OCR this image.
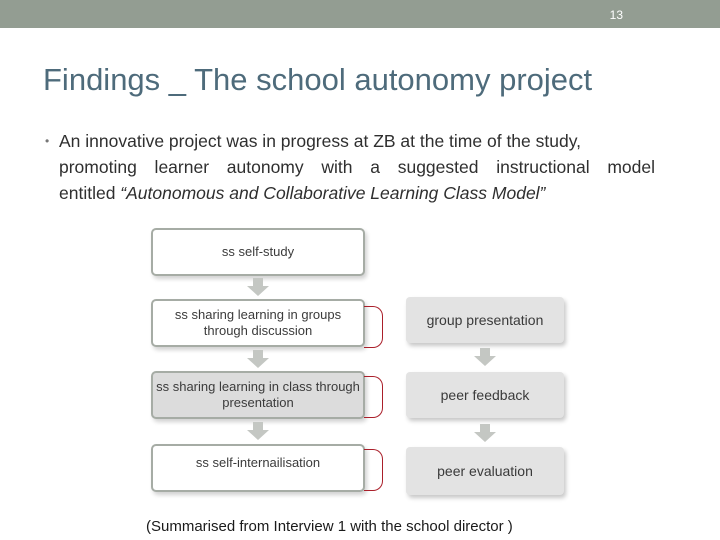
13
Findings _ The school autonomy project
• An innovative project was in progress at ZB at the time of the study,
promoting learner autonomy with a suggested instructional model
entitled “Autonomous and Collaborative Learning Class Model”
ss self-study
ss sharing learning in groups through discussion
ss sharing learning in class through presentation
ss self-internailisation
group presentation
peer feedback
peer evaluation
(Summarised from Interview 1 with the school director )
